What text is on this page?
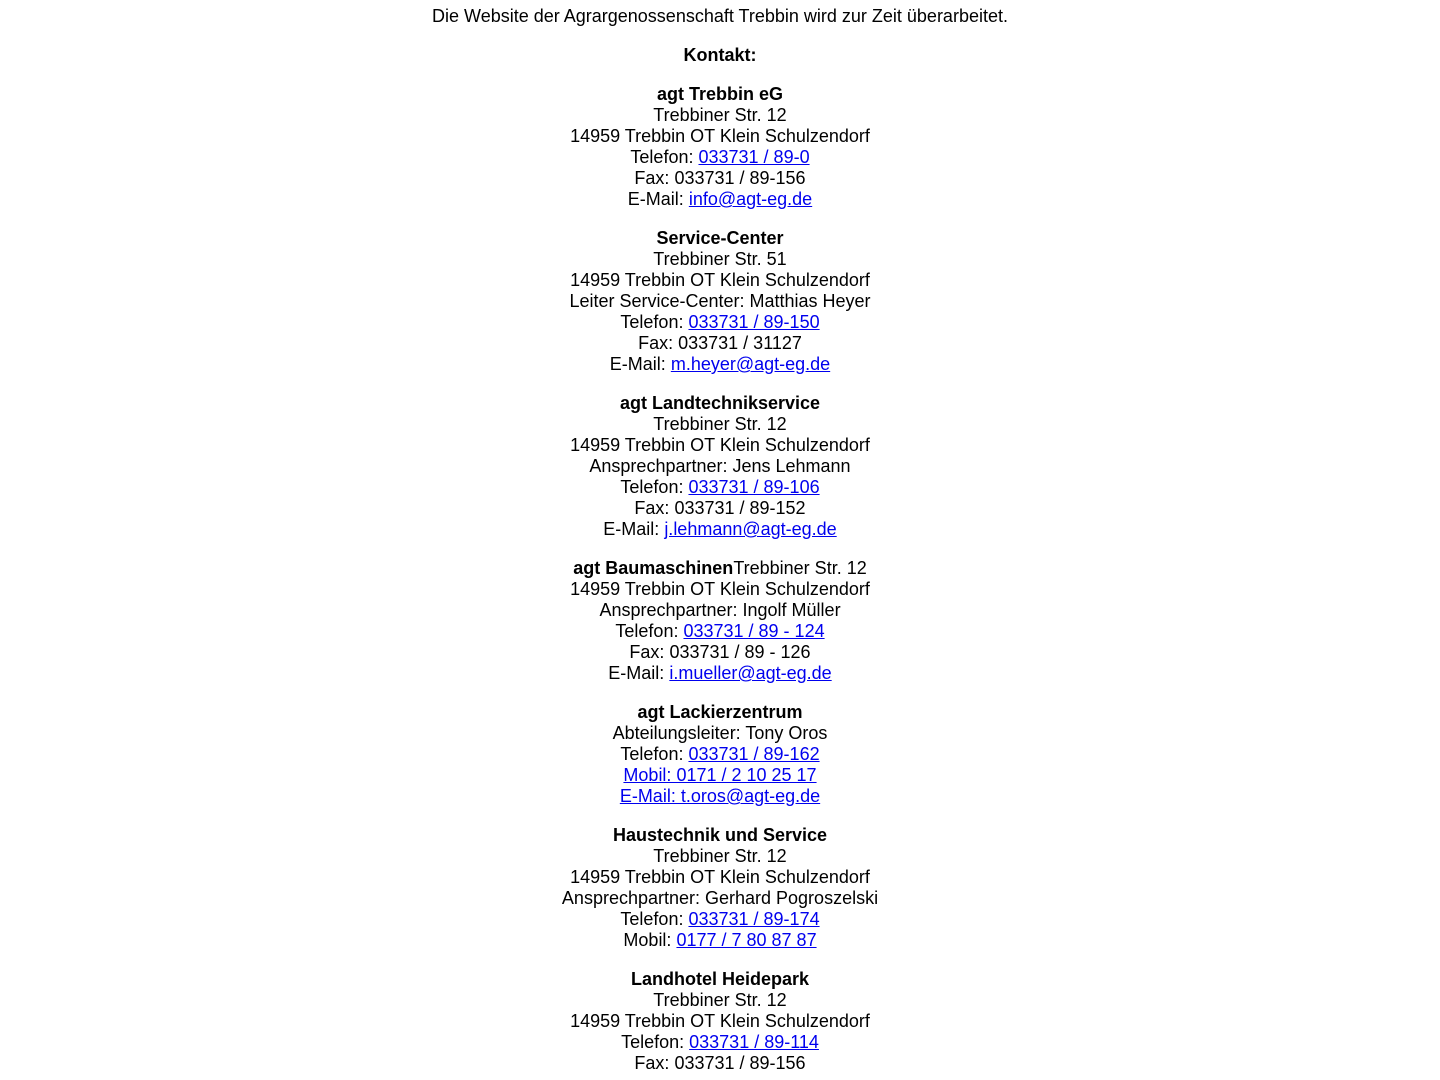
Die Website der Agrargenossenschaft Trebbin wird zur Zeit überarbeitet.
Kontakt:
agt Trebbin eG
Trebbiner Str. 12
14959 Trebbin OT Klein Schulzendorf
Telefon: 033731 / 89-0
Fax: 033731 / 89-156
E-Mail: info@agt-eg.de
Service-Center
Trebbiner Str. 51
14959 Trebbin OT Klein Schulzendorf
Leiter Service-Center: Matthias Heyer
Telefon: 033731 / 89-150
Fax: 033731 / 31127
E-Mail: m.heyer@agt-eg.de
agt Landtechnikservice
Trebbiner Str. 12
14959 Trebbin OT Klein Schulzendorf
Ansprechpartner: Jens Lehmann
Telefon: 033731 / 89-106
Fax: 033731 / 89-152
E-Mail: j.lehmann@agt-eg.de
agt BaumaschinenTrebbiner Str. 12
14959 Trebbin OT Klein Schulzendorf
Ansprechpartner: Ingolf Müller
Telefon: 033731 / 89 - 124
Fax: 033731 / 89 - 126
E-Mail: i.mueller@agt-eg.de
agt Lackierzentrum
Abteilungsleiter: Tony Oros
Telefon: 033731 / 89-162
Mobil: 0171 / 2 10 25 17
E-Mail: t.oros@agt-eg.de
Haustechnik und Service
Trebbiner Str. 12
14959 Trebbin OT Klein Schulzendorf
Ansprechpartner: Gerhard Pogroszelski
Telefon: 033731 / 89-174
Mobil: 0177 / 7 80 87 87
Landhotel Heidepark
Trebbiner Str. 12
14959 Trebbin OT Klein Schulzendorf
Telefon: 033731 / 89-114
Fax: 033731 / 89-156
